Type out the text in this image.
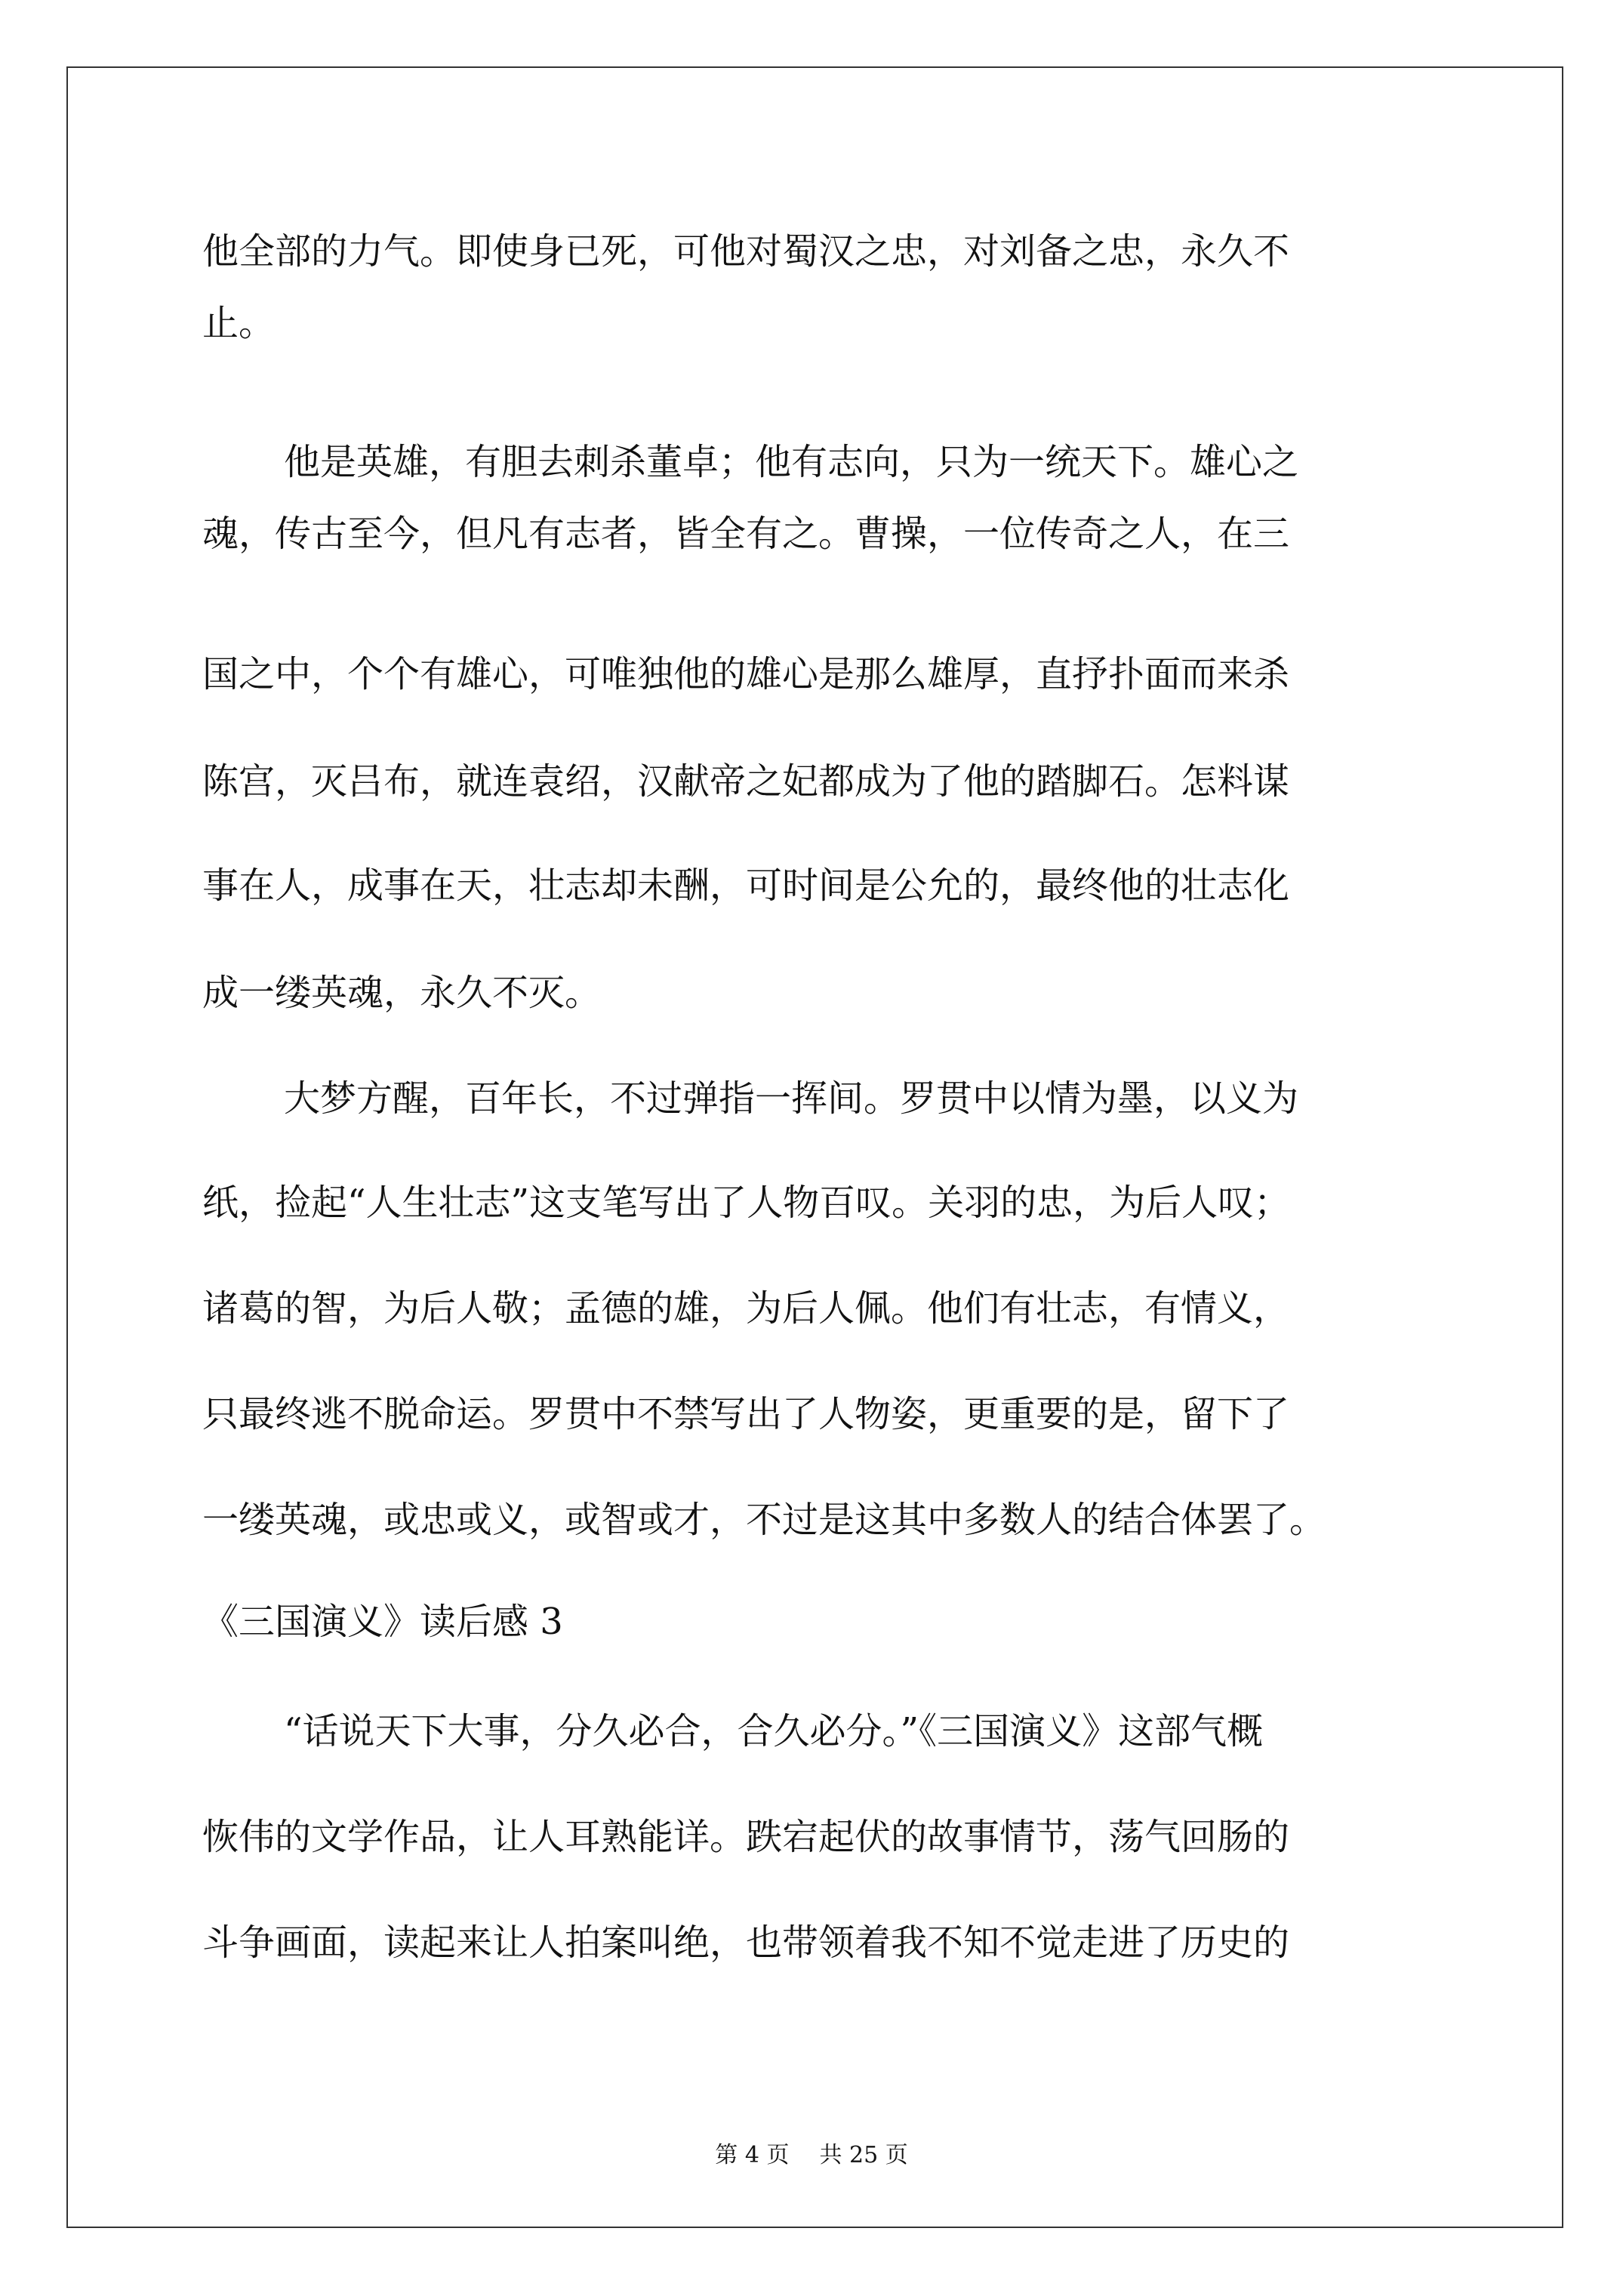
他全部的力气。即使身已死，可他对蜀汉之忠，对刘备之忠，永久不
止。
他是英雄，有胆去刺杀董卓；他有志向，只为一统天下。雄心之
魂，传古至今，但凡有志者，皆全有之。曹操，一位传奇之人，在三
国之中，个个有雄心，可唯独他的雄心是那么雄厚，直抒扑面而来杀
陈宫，灭吕布，就连袁绍，汉献帝之妃都成为了他的踏脚石。怎料谋
事在人，成事在天，壮志却未酬，可时间是公允的，最终他的壮志化
成一缕英魂，永久不灭。
大梦方醒，百年长，不过弹指一挥间。罗贯中以情为墨，以义为
纸，捡起“人生壮志”这支笔写出了人物百叹。关羽的忠，为后人叹；
诸葛的智，为后人敬；孟德的雄，为后人佩。他们有壮志，有情义，
只最终逃不脱命运。罗贯中不禁写出了人物姿，更重要的是，留下了
一缕英魂，或忠或义，或智或才，不过是这其中多数人的结合体罢了。
《三国演义》读后感 3
“话说天下大事，分久必合，合久必分。”《三国演义》这部气概
恢伟的文学作品，让人耳熟能详。跌宕起伏的故事情节，荡气回肠的
斗争画面，读起来让人拍案叫绝，也带领着我不知不觉走进了历史的
第 4 页 共 25 页
